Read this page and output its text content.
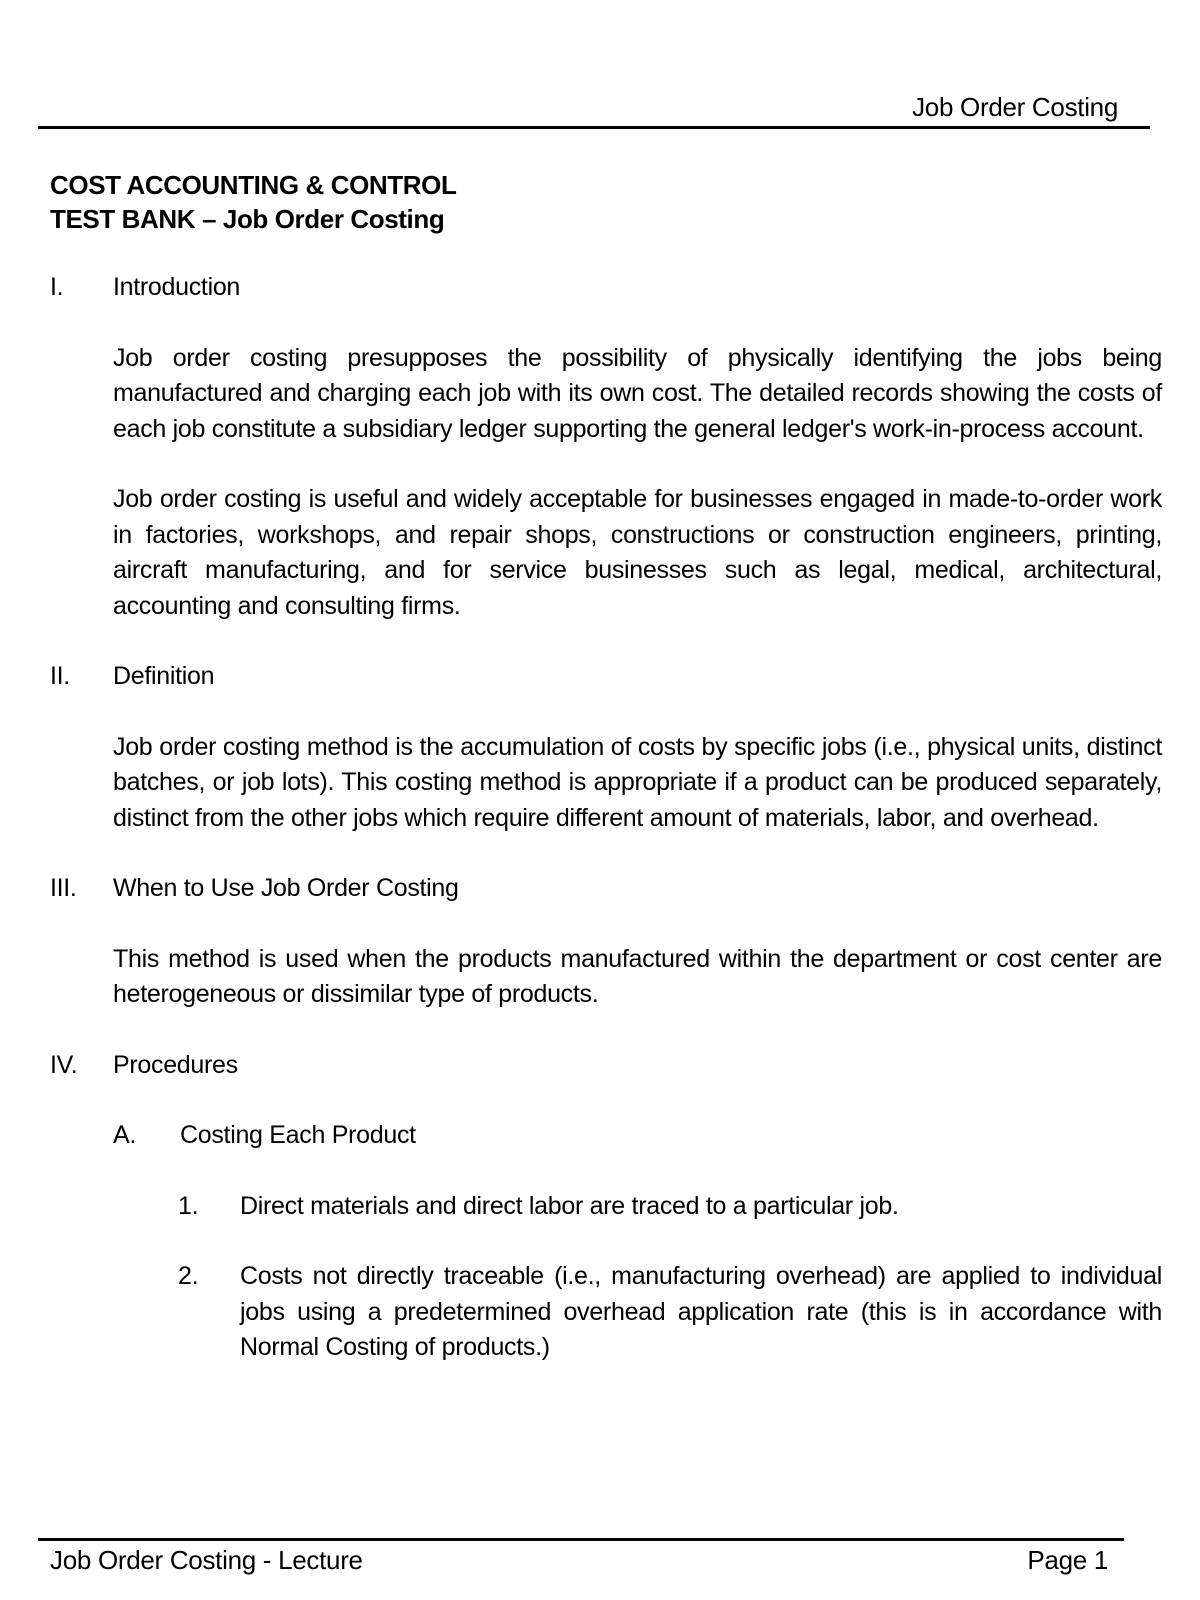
Job Order Costing
COST ACCOUNTING & CONTROL
TEST BANK – Job Order Costing
I.	Introduction

Job order costing presupposes the possibility of physically identifying the jobs being manufactured and charging each job with its own cost. The detailed records showing the costs of each job constitute a subsidiary ledger supporting the general ledger's work-in-process account.

Job order costing is useful and widely acceptable for businesses engaged in made-to-order work in factories, workshops, and repair shops, constructions or construction engineers, printing, aircraft manufacturing, and for service businesses such as legal, medical, architectural, accounting and consulting firms.

II.	Definition

Job order costing method is the accumulation of costs by specific jobs (i.e., physical units, distinct batches, or job lots). This costing method is appropriate if a product can be produced separately, distinct from the other jobs which require different amount of materials, labor, and overhead.

III.	When to Use Job Order Costing

This method is used when the products manufactured within the department or cost center are heterogeneous or dissimilar type of products.

IV.	Procedures
A.	Costing Each Product
1.	Direct materials and direct labor are traced to a particular job.
2.	Costs not directly traceable (i.e., manufacturing overhead) are applied to individual jobs using a predetermined overhead application rate (this is in accordance with Normal Costing of products.)
Job Order Costing - Lecture	Page 1
